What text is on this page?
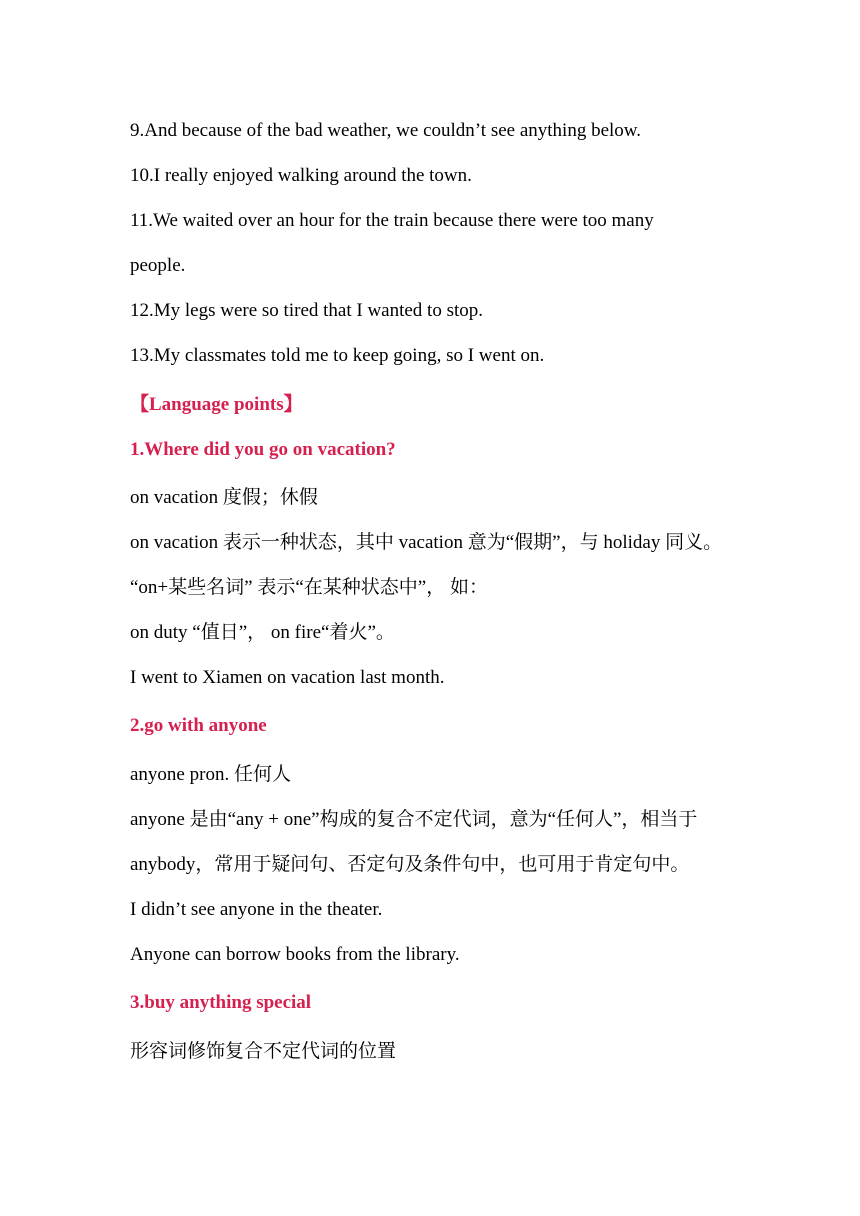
9.And because of the bad weather, we couldn’t see anything below.
10.I really enjoyed walking around the town.
11.We waited over an hour for the train because there were too many
people.
12.My legs were so tired that I wanted to stop.
13.My classmates told me to keep going, so I went on.
【Language points】
1.Where did you go on vacation?
on vacation 度假；休假
on vacation 表示一种状态，其中 vacation 意为“假期”，与 holiday 同义。
“on+某些名词” 表示“在某种状态中”， 如：
on duty “值日”， on fire“着火”。
I went to Xiamen on vacation last month.
2.go with anyone
anyone pron. 任何人
anyone 是由“any + one”构成的复合不定代词，意为“任何人”，相当于
anybody，常用于疑问句、否定句及条件句中，也可用于肯定句中。
I didn’t see anyone in the theater.
Anyone can borrow books from the library.
3.buy anything special
形容词修饰复合不定代词的位置
